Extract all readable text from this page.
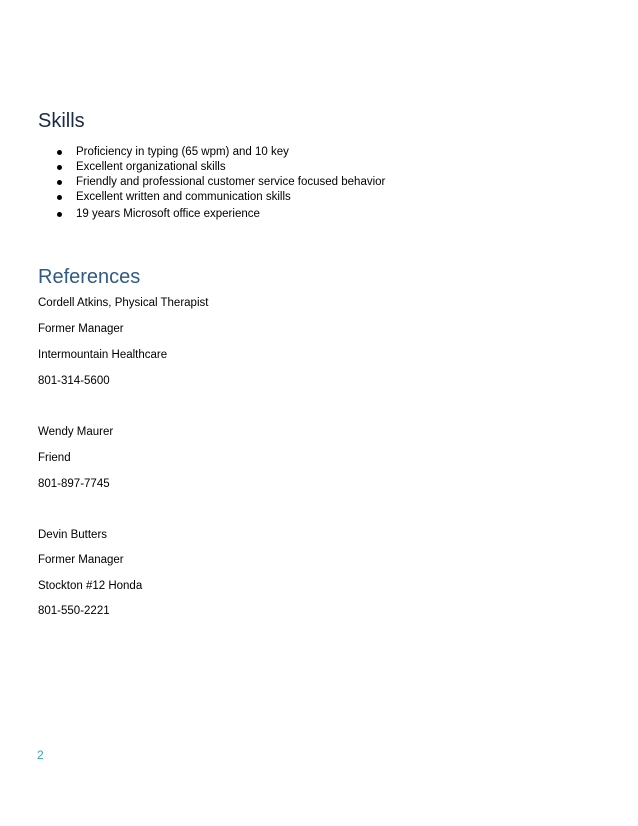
Skills
Proficiency in typing (65 wpm) and 10 key
Excellent organizational skills
Friendly and professional customer service focused behavior
Excellent written and communication skills
19 years Microsoft office experience
References

Cordell Atkins, Physical Therapist

Former Manager

Intermountain Healthcare

801-314-5600

Wendy Maurer

Friend

801-897-7745

Devin Butters

Former Manager

Stockton #12 Honda

801-550-2221

2
